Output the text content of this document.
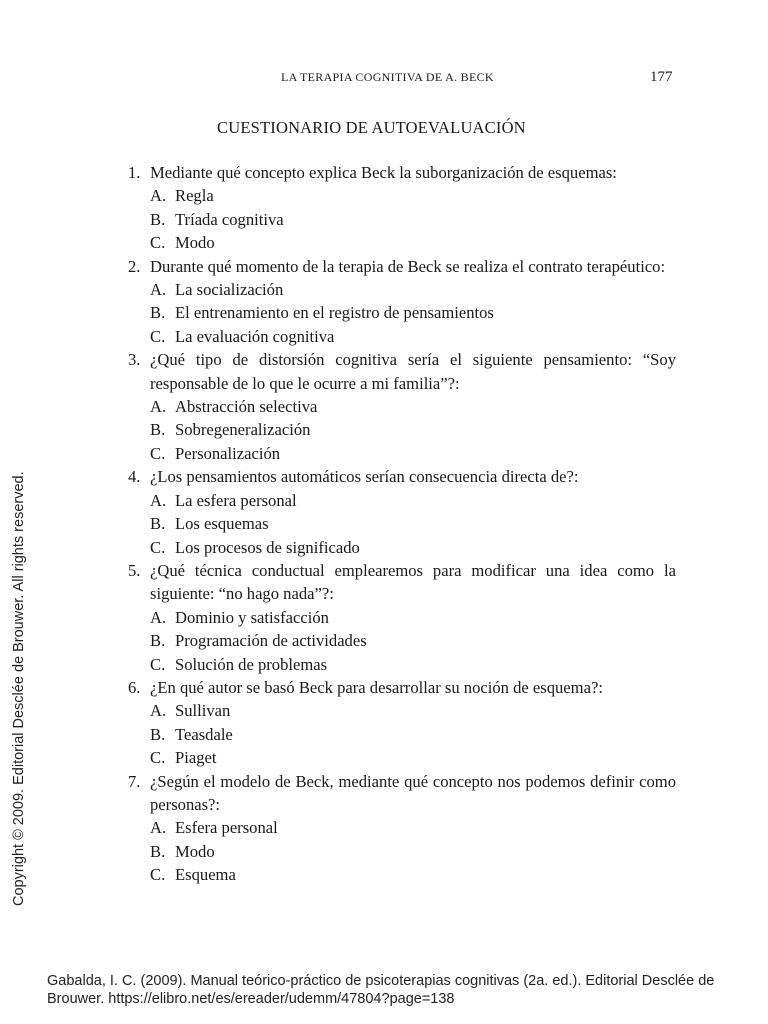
LA TERAPIA COGNITIVA DE A. BECK	177
CUESTIONARIO DE AUTOEVALUACIÓN
1. Mediante qué concepto explica Beck la suborganización de esquemas:
A. Regla
B. Tríada cognitiva
C. Modo
2. Durante qué momento de la terapia de Beck se realiza el contrato terapéutico:
A. La socialización
B. El entrenamiento en el registro de pensamientos
C. La evaluación cognitiva
3. ¿Qué tipo de distorsión cognitiva sería el siguiente pensamiento: “Soy responsable de lo que le ocurre a mi familia”?:
A. Abstracción selectiva
B. Sobregeneralización
C. Personalización
4. ¿Los pensamientos automáticos serían consecuencia directa de?:
A. La esfera personal
B. Los esquemas
C. Los procesos de significado
5. ¿Qué técnica conductual emplearemos para modificar una idea como la siguiente: “no hago nada”?:
A. Dominio y satisfacción
B. Programación de actividades
C. Solución de problemas
6. ¿En qué autor se basó Beck para desarrollar su noción de esquema?:
A. Sullivan
B. Teasdale
C. Piaget
7. ¿Según el modelo de Beck, mediante qué concepto nos podemos definir como personas?:
A. Esfera personal
B. Modo
C. Esquema
Copyright © 2009. Editorial Desclée de Brouwer. All rights reserved.

Gabalda, I. C. (2009). Manual teórico-práctico de psicoterapias cognitivas (2a. ed.). Editorial Desclée de Brouwer. https://elibro.net/es/ereader/udemm/47804?page=138
